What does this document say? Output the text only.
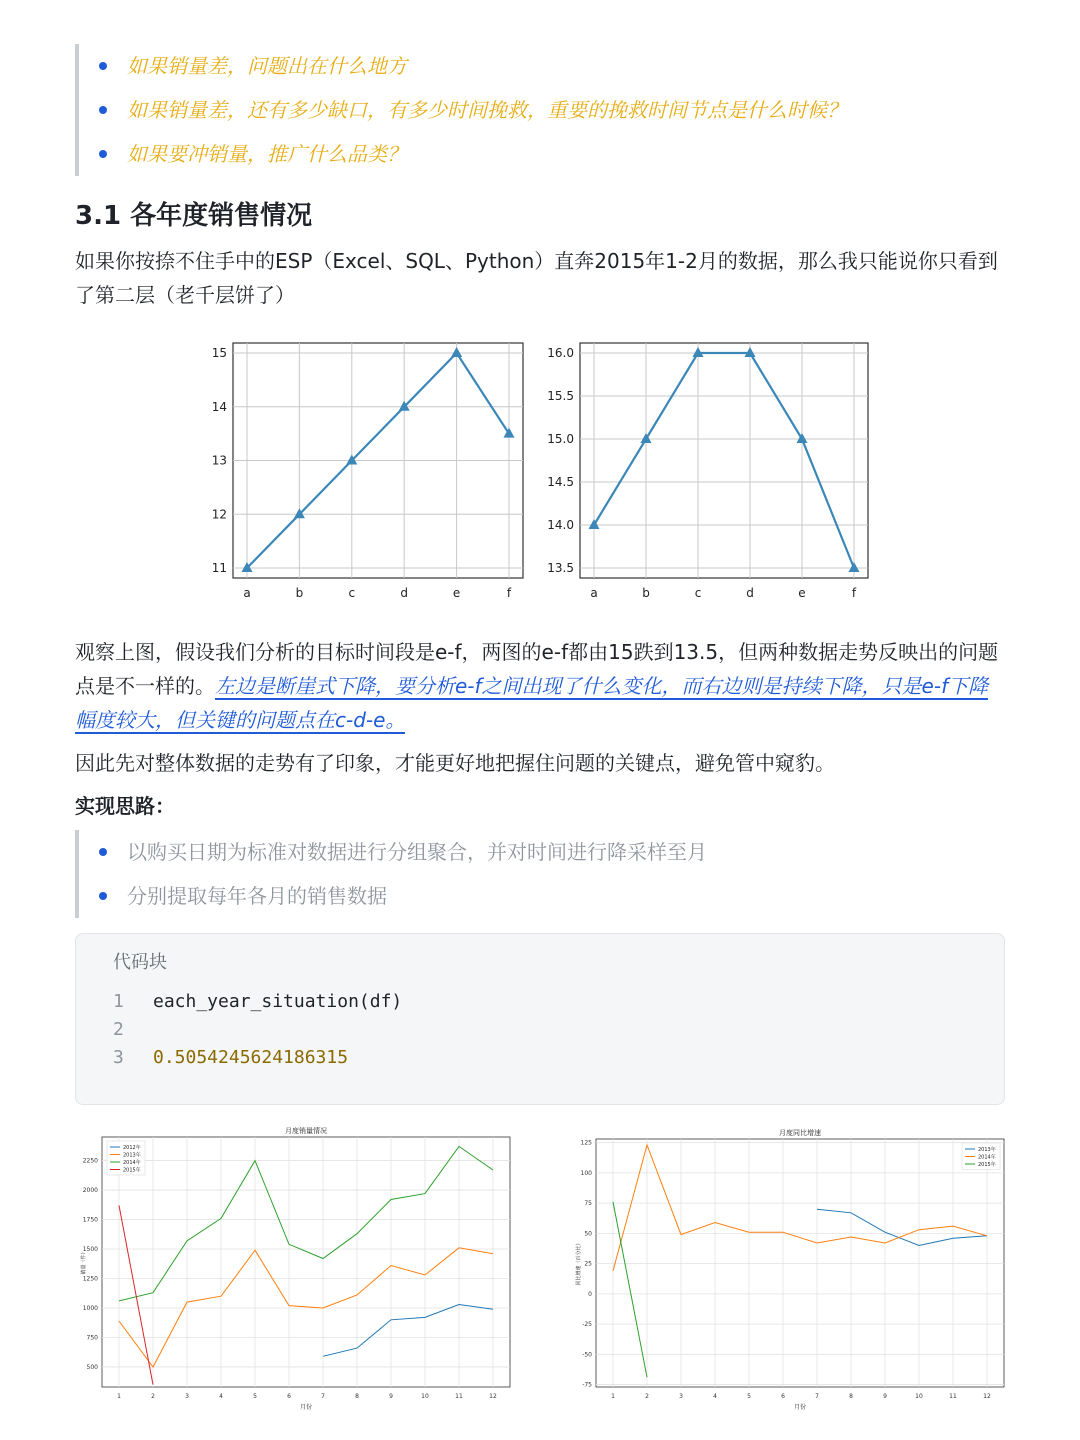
如果销量差，问题出在什么地方
如果销量差，还有多少缺口，有多少时间挽救，重要的挽救时间节点是什么时候？
如果要冲销量，推广什么品类？
3.1 各年度销售情况

如果你按捺不住手中的ESP（Excel、SQL、Python）直奔2015年1-2月的数据，那么我只能说你只看到了第二层（老千层饼了）

a	b	c	d	e	f
11
12
13
14
15
a	b	c	d	e	f
13.5
14.0
14.5
15.0
15.5
16.0

观察上图，假设我们分析的目标时间段是e-f，两图的e-f都由15跌到13.5，但两种数据走势反映出的问题点是不一样的。左边是断崖式下降，要分析e-f之间出现了什么变化，而右边则是持续下降，只是e-f下降幅度较大，但关键的问题点在c-d-e。

因此先对整体数据的走势有了印象，才能更好地把握住问题的关键点，避免管中窥豹。

实现思路：
以购买日期为标准对数据进行分组聚合，并对时间进行降采样至月
分别提取每年各月的销售数据
代码块
1 each_year_situation(df)
2
3 0.5054245624186315
1	2	3	4	5	6	7	8	9	10	11	12
500
750
1000
1250
1500
1750
2000
2250
月度销量情况
月份
销量（件）
2012年
2013年
2014年
2015年
1	2	3	4	5	6	7	8	9	10	11	12
-75
-50
-25
0
25
50
75
100
125
月度同比增速
月份
同比增速（百分比）
2013年
2014年
2015年
